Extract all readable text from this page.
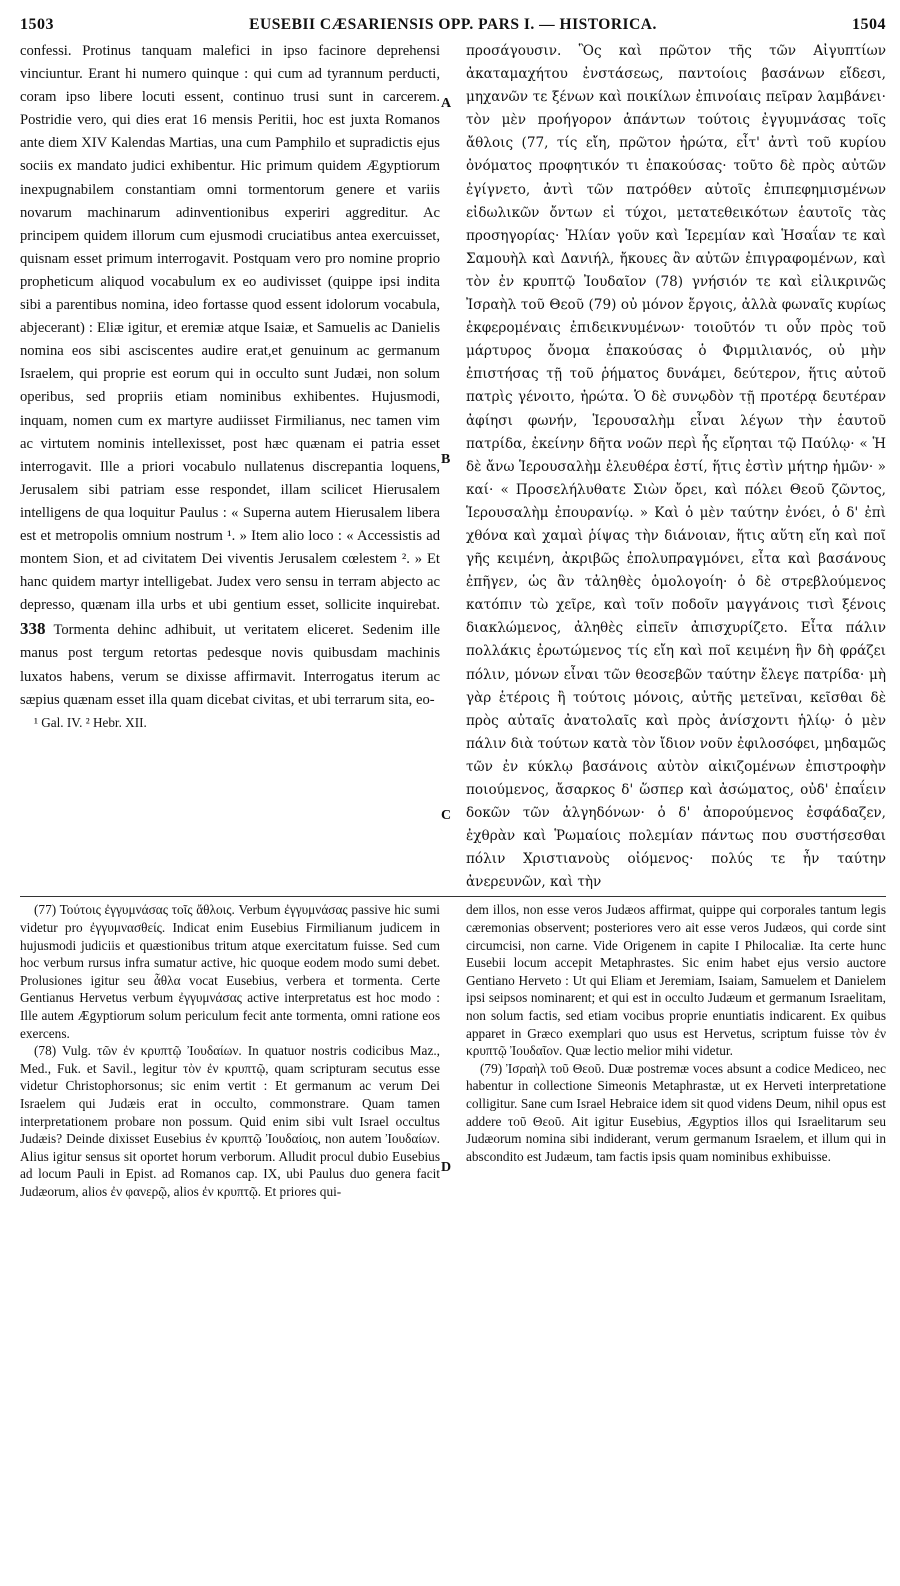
1503	EUSEBII CÆSARIENSIS OPP. PARS I. — HISTORICA.	1504
A
B
C
D

confessi. Protinus tanquam malefici in ipso facinore deprehensi vinciuntur. Erant hi numero quinque : qui cum ad tyrannum perducti, coram ipso libere locuti essent, continuo trusi sunt in carcerem. Postridie vero, qui dies erat 16 mensis Peritii, hoc est juxta Romanos ante diem XIV Kalendas Martias, una cum Pamphilo et supradictis ejus sociis ex mandato judici exhibentur. Hic primum quidem Ægyptiorum inexpugnabilem constantiam omni tormentorum genere et variis novarum machinarum adinventionibus experiri aggreditur. Ac principem quidem illorum cum ejusmodi cruciatibus antea exercuisset, quisnam esset primum interrogavit. Postquam vero pro nomine proprio propheticum aliquod vocabulum ex eo audivisset (quippe ipsi indita sibi a parentibus nomina, ideo fortasse quod essent idolorum vocabula, abjecerant) : Eliæ igitur, et eremiæ atque Isaiæ, et Samuelis ac Danielis nomina eos sibi asciscentes audire erat,et genuinum ac germanum Israelem, qui proprie est eorum qui in occulto sunt Judæi, non solum operibus, sed propriis etiam nominibus exhibentes. Hujusmodi, inquam, nomen cum ex martyre audiisset Firmilianus, nec tamen vim ac virtutem nominis intellexisset, post hæc quænam ei patria esset interrogavit. Ille a priori vocabulo nullatenus discrepantia loquens, Jerusalem sibi patriam esse respondet, illam scilicet Hierusalem intelligens de qua loquitur Paulus : « Superna autem Hierusalem libera est et metropolis omnium nostrum ¹. » Item alio loco : « Accessistis ad montem Sion, et ad civitatem Dei viventis Jerusalem cœlestem ². » Et hanc quidem martyr intelligebat. Judex vero sensu in terram abjecto ac depresso, quænam illa urbs et ubi gentium esset, sollicite inquirebat. 338 Tormenta dehinc adhibuit, ut veritatem eliceret. Sedenim ille manus post tergum retortas pedesque novis quibusdam machinis luxatos habens, verum se dixisse affirmavit. Interrogatus iterum ac sæpius quænam esset illa quam dicebat civitas, et ubi terrarum sita, eo-

¹ Gal. IV. ² Hebr. XII.

προσάγουσιν. Ὃς καὶ πρῶτον τῆς τῶν Αἰγυπτίων ἀκαταμαχήτου ἐνστάσεως, παντοίοις βασάνων εἴδεσι, μηχανῶν τε ξένων καὶ ποικίλων ἐπινοίαις πεῖραν λαμβάνει· τὸν μὲν προήγορον ἁπάντων τούτοις ἐγγυμνάσας τοῖς ἄθλοις (77, τίς εἴη, πρῶτον ἠρώτα, εἶτ' ἀντὶ τοῦ κυρίου ὀνόματος προφητικόν τι ἐπακούσας· τοῦτο δὲ πρὸς αὐτῶν ἐγίγνετο, ἀντὶ τῶν πατρόθεν αὐτοῖς ἐπιπεφημισμένων εἰδωλικῶν ὄντων εἰ τύχοι, μετατεθεικότων ἑαυτοῖς τὰς προσηγορίας· Ἠλίαν γοῦν καὶ Ἱερεμίαν καὶ Ἡσαΐαν τε καὶ Σαμουὴλ καὶ Δανιήλ, ἤκουες ἂν αὐτῶν ἐπιγραφομένων, καὶ τὸν ἐν κρυπτῷ Ἰουδαῖον (78) γνήσιόν τε καὶ εἰλικρινῶς Ἰσραὴλ τοῦ Θεοῦ (79) οὐ μόνον ἔργοις, ἀλλὰ φωναῖς κυρίως ἐκφερομέναις ἐπιδεικνυμένων· τοιοῦτόν τι οὖν πρὸς τοῦ μάρτυρος ὄνομα ἐπακούσας ὁ Φιρμιλιανός, οὐ μὴν ἐπιστήσας τῇ τοῦ ῥήματος δυνάμει, δεύτερον, ἥτις αὐτοῦ πατρὶς γένοιτο, ἠρώτα. Ὁ δὲ συνῳδὸν τῇ προτέρᾳ δευτέραν ἀφίησι φωνήν, Ἱερουσαλὴμ εἶναι λέγων τὴν ἑαυτοῦ πατρίδα, ἐκείνην δῆτα νοῶν περὶ ἧς εἴρηται τῷ Παύλῳ· « Ἡ δὲ ἄνω Ἱερουσαλὴμ ἐλευθέρα ἐστί, ἥτις ἐστὶν μήτηρ ἡμῶν· » καί· « Προσελήλυθατε Σιὼν ὄρει, καὶ πόλει Θεοῦ ζῶντος, Ἱερουσαλὴμ ἐπουρανίῳ. » Καὶ ὁ μὲν ταύτην ἐνόει, ὁ δ' ἐπὶ χθόνα καὶ χαμαὶ ῥίψας τὴν διάνοιαν, ἥτις αὕτη εἴη καὶ ποῖ γῆς κειμένη, ἀκριβῶς ἐπολυπραγμόνει, εἶτα καὶ βασάνους ἐπῆγεν, ὡς ἂν τἀληθὲς ὁμολογοίη· ὁ δὲ στρεβλούμενος κατόπιν τὼ χεῖρε, καὶ τοῖν ποδοῖν μαγγάνοις τισὶ ξένοις διακλώμενος, ἀληθὲς εἰπεῖν ἀπισχυρίζετο. Εἶτα πάλιν πολλάκις ἐρωτώμενος τίς εἴη καὶ ποῖ κειμένη ἣν δὴ φράζει πόλιν, μόνων εἶναι τῶν θεοσεβῶν ταύτην ἔλεγε πατρίδα· μὴ γὰρ ἑτέροις ἢ τούτοις μόνοις, αὐτῆς μετεῖναι, κεῖσθαι δὲ πρὸς αὐταῖς ἀνατολαῖς καὶ πρὸς ἀνίσχοντι ἡλίῳ· ὁ μὲν πάλιν διὰ τούτων κατὰ τὸν ἴδιον νοῦν ἐφιλοσόφει, μηδαμῶς τῶν ἐν κύκλῳ βασάνοις αὐτὸν αἰκιζομένων ἐπιστροφὴν ποιούμενος, ἄσαρκος δ' ὥσπερ καὶ ἀσώματος, οὐδ' ἐπαΐειν δοκῶν τῶν ἀλγηδόνων· ὁ δ' ἀπορούμενος ἐσφάδαζεν, ἐχθρὰν καὶ Ῥωμαίοις πολεμίαν πάντως που συστήσεσθαι πόλιν Χριστιανοὺς οἰόμενος· πολύς τε ἦν ταύτην ἀνερευνῶν, καὶ τὴν

(77) Τούτοις ἐγγυμνάσας τοῖς ἄθλοις. Verbum ἐγγυμνάσας passive hic sumi videtur pro ἐγγυμνασθείς. Indicat enim Eusebius Firmilianum judicem in hujusmodi judiciis et quæstionibus tritum atque exercitatum fuisse. Sed cum hoc verbum rursus infra sumatur active, hic quoque eodem modo sumi debet. Prolusiones igitur seu ἆθλα vocat Eusebius, verbera et tormenta. Certe Gentianus Hervetus verbum ἐγγυμνάσας active interpretatus est hoc modo : Ille autem Ægyptiorum solum periculum fecit ante tormenta, omni ratione eos exercens.

(78) Vulg. τῶν ἐν κρυπτῷ Ἰουδαίων. In quatuor nostris codicibus Maz., Med., Fuk. et Savil., legitur τὸν ἐν κρυπτῷ, quam scripturam secutus esse videtur Christophorsonus; sic enim vertit : Et germanum ac verum Dei Israelem qui Judæis erat in occulto, commonstrare. Quam tamen interpretationem probare non possum. Quid enim sibi vult Israel occultus Judæis? Deinde dixisset Eusebius ἐν κρυπτῷ Ἰουδαίοις, non autem Ἰουδαίων. Alius igitur sensus sit oportet horum verborum. Alludit procul dubio Eusebius ad locum Pauli in Epist. ad Romanos cap. IX, ubi Paulus duo genera facit Judæorum, alios ἐν φανερῷ, alios ἐν κρυπτῷ. Et priores qui-

dem illos, non esse veros Judæos affirmat, quippe qui corporales tantum legis cæremonias observent; posteriores vero ait esse veros Judæos, qui corde sint circumcisi, non carne. Vide Origenem in capite I Philocaliæ. Ita certe hunc Eusebii locum accepit Metaphrastes. Sic enim habet ejus versio auctore Gentiano Herveto : Ut qui Eliam et Jeremiam, Isaiam, Samuelem et Danielem ipsi seipsos nominarent; et qui est in occulto Judæum et germanum Israelitam, non solum factis, sed etiam vocibus proprie enuntiatis indicarent. Ex quibus apparet in Græco exemplari quo usus est Hervetus, scriptum fuisse τὸν ἐν κρυπτῷ Ἰουδαῖον. Quæ lectio melior mihi videtur.

(79) Ἰσραὴλ τοῦ Θεοῦ. Duæ postremæ voces absunt a codice Mediceo, nec habentur in collectione Simeonis Metaphrastæ, ut ex Herveti interpretatione colligitur. Sane cum Israel Hebraice idem sit quod videns Deum, nihil opus est addere τοῦ Θεοῦ. Ait igitur Eusebius, Ægyptios illos qui Israelitarum seu Judæorum nomina sibi indiderant, verum germanum Israelem, et illum qui in abscondito est Judæum, tam factis ipsis quam nominibus exhibuisse.
